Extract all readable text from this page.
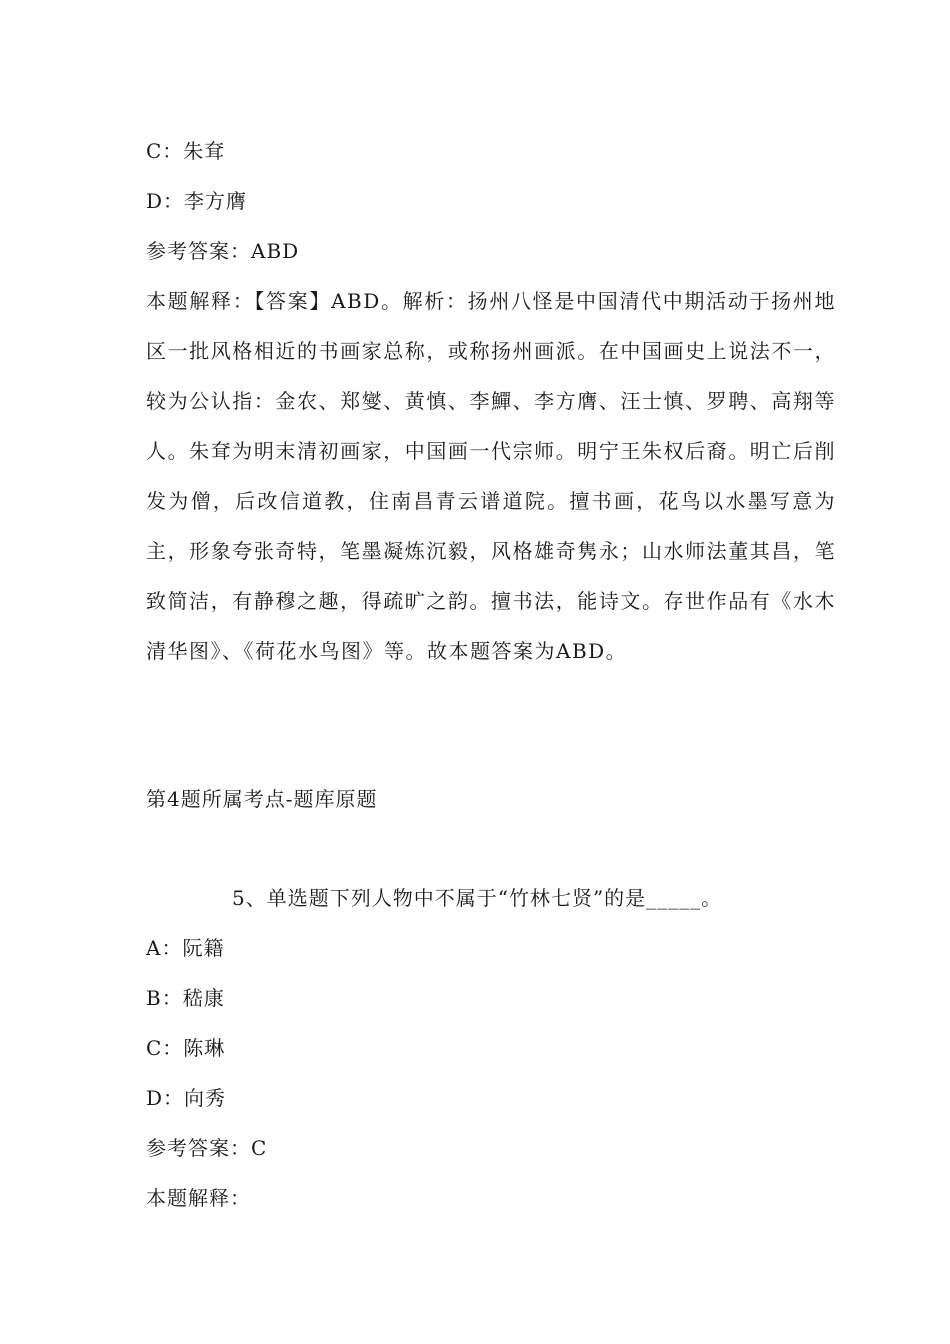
C：朱耷
D：李方膺
参考答案：ABD
本题解释：【答案】ABD。解析：扬州八怪是中国清代中期活动于扬州地区一批风格相近的书画家总称，或称扬州画派。在中国画史上说法不一，较为公认指：金农、郑燮、黄慎、李鱓、李方膺、汪士慎、罗聘、高翔等人。朱耷为明末清初画家，中国画一代宗师。明宁王朱权后裔。明亡后削发为僧，后改信道教，住南昌青云谱道院。擅书画，花鸟以水墨写意为主，形象夸张奇特，笔墨凝炼沉毅，风格雄奇隽永；山水师法董其昌，笔致简洁，有静穆之趣，得疏旷之韵。擅书法，能诗文。存世作品有《水木清华图》、《荷花水鸟图》等。故本题答案为ABD。
第4题所属考点-题库原题
5、单选题下列人物中不属于“竹林七贤”的是_____。
A：阮籍
B：嵇康
C：陈琳
D：向秀
参考答案：C
本题解释：
